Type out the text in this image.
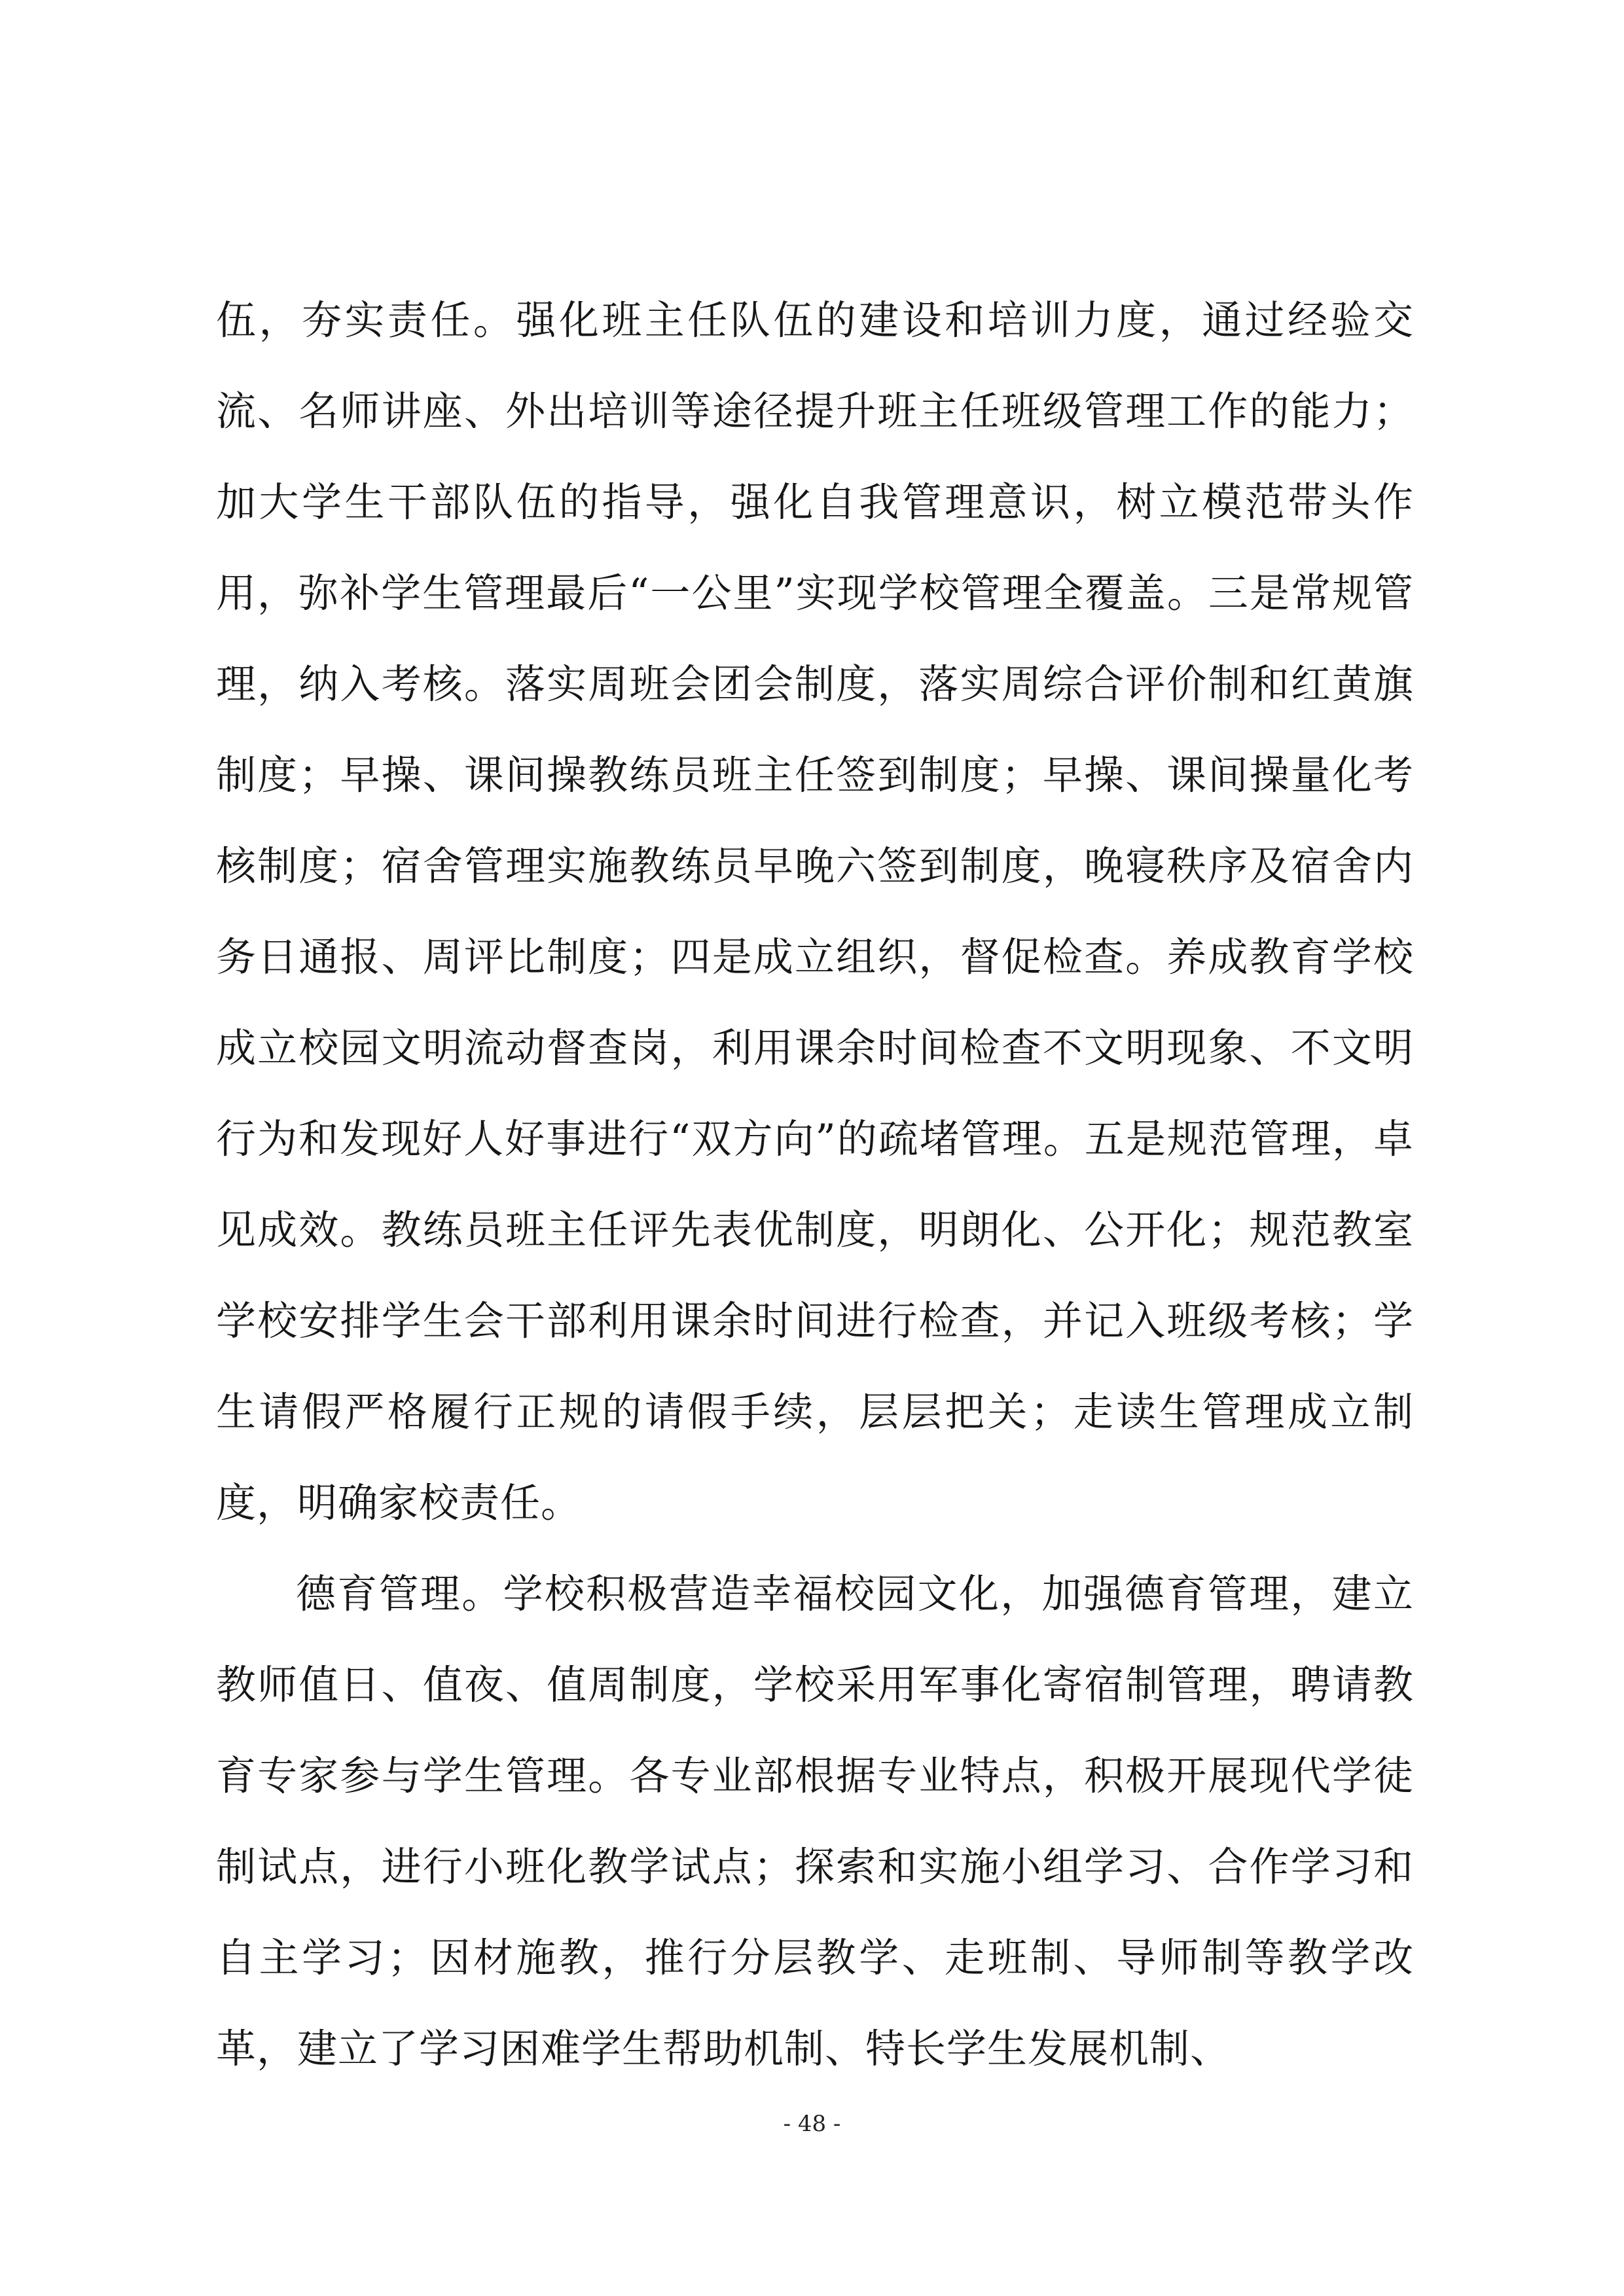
伍，夯实责任。强化班主任队伍的建设和培训力度，通过经验交流、名师讲座、外出培训等途径提升班主任班级管理工作的能力；加大学生干部队伍的指导，强化自我管理意识，树立模范带头作用，弥补学生管理最后“一公里”实现学校管理全覆盖。三是常规管理，纳入考核。落实周班会团会制度，落实周综合评价制和红黄旗制度；早操、课间操教练员班主任签到制度；早操、课间操量化考核制度；宿舍管理实施教练员早晚六签到制度，晚寝秩序及宿舍内务日通报、周评比制度；四是成立组织，督促检查。养成教育学校成立校园文明流动督查岗，利用课余时间检查不文明现象、不文明行为和发现好人好事进行“双方向”的疏堵管理。五是规范管理，卓见成效。教练员班主任评先表优制度，明朗化、公开化；规范教室学校安排学生会干部利用课余时间进行检查，并记入班级考核；学生请假严格履行正规的请假手续，层层把关；走读生管理成立制度，明确家校责任。

德育管理。学校积极营造幸福校园文化，加强德育管理，建立教师值日、值夜、值周制度，学校采用军事化寄宿制管理，聘请教育专家参与学生管理。各专业部根据专业特点，积极开展现代学徒制试点，进行小班化教学试点；探索和实施小组学习、合作学习和自主学习；因材施教，推行分层教学、走班制、导师制等教学改革，建立了学习困难学生帮助机制、特长学生发展机制、

- 48 -
